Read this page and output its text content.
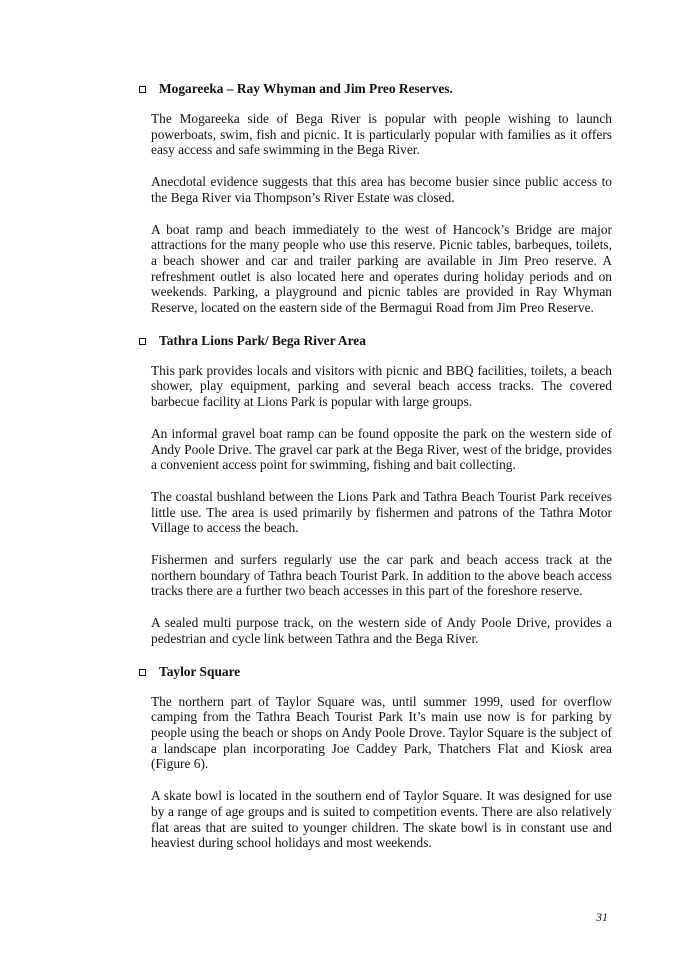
Mogareeka – Ray Whyman and Jim Preo Reserves.

The Mogareeka side of Bega River is popular with people wishing to launch powerboats, swim, fish and picnic. It is particularly popular with families as it offers easy access and safe swimming in the Bega River.

Anecdotal evidence suggests that this area has become busier since public access to the Bega River via Thompson’s River Estate was closed.

A boat ramp and beach immediately to the west of Hancock’s Bridge are major attractions for the many people who use this reserve. Picnic tables, barbeques, toilets, a beach shower and car and trailer parking are available in Jim Preo reserve. A refreshment outlet is also located here and operates during holiday periods and on weekends. Parking, a playground and picnic tables are provided in Ray Whyman Reserve, located on the eastern side of the Bermagui Road from Jim Preo Reserve.

Tathra Lions Park/ Bega River Area

This park provides locals and visitors with picnic and BBQ facilities, toilets, a beach shower, play equipment, parking and several beach access tracks. The covered barbecue facility at Lions Park is popular with large groups.

An informal gravel boat ramp can be found opposite the park on the western side of Andy Poole Drive. The gravel car park at the Bega River, west of the bridge, provides a convenient access point for swimming, fishing and bait collecting.

The coastal bushland between the Lions Park and Tathra Beach Tourist Park receives little use. The area is used primarily by fishermen and patrons of the Tathra Motor Village to access the beach.

Fishermen and surfers regularly use the car park and beach access track at the northern boundary of Tathra beach Tourist Park. In addition to the above beach access tracks there are a further two beach accesses in this part of the foreshore reserve.

A sealed multi purpose track, on the western side of Andy Poole Drive, provides a pedestrian and cycle link between Tathra and the Bega River.

Taylor Square

The northern part of Taylor Square was, until summer 1999, used for overflow camping from the Tathra Beach Tourist Park It’s main use now is for parking by people using the beach or shops on Andy Poole Drove. Taylor Square is the subject of a landscape plan incorporating Joe Caddey Park, Thatchers Flat and Kiosk area (Figure 6).

A skate bowl is located in the southern end of Taylor Square. It was designed for use by a range of age groups and is suited to competition events. There are also relatively flat areas that are suited to younger children. The skate bowl is in constant use and heaviest during school holidays and most weekends.

31
